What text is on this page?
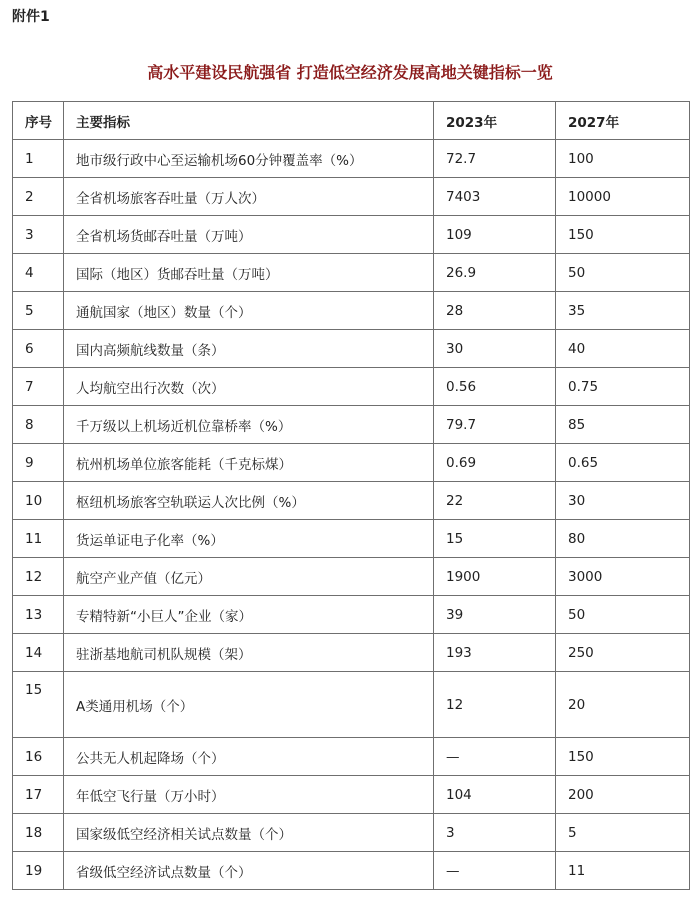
附件1
高水平建设民航强省 打造低空经济发展高地关键指标一览
序号	主要指标	2023年	2027年
1	地市级行政中心至运输机场60分钟覆盖率（%）	72.7	100
2	全省机场旅客吞吐量（万人次）	7403	10000
3	全省机场货邮吞吐量（万吨）	109	150
4	国际（地区）货邮吞吐量（万吨）	26.9	50
5	通航国家（地区）数量（个）	28	35
6	国内高频航线数量（条）	30	40
7	人均航空出行次数（次）	0.56	0.75
8	千万级以上机场近机位靠桥率（%）	79.7	85
9	杭州机场单位旅客能耗（千克标煤）	0.69	0.65
10	枢纽机场旅客空轨联运人次比例（%）	22	30
11	货运单证电子化率（%）	15	80
12	航空产业产值（亿元）	1900	3000
13	专精特新“小巨人”企业（家）	39	50
14	驻浙基地航司机队规模（架）	193	250
15	A类通用机场（个）	12	20
16	公共无人机起降场（个）	—	150
17	年低空飞行量（万小时）	104	200
18	国家级低空经济相关试点数量（个）	3	5
19	省级低空经济试点数量（个）	—	11
